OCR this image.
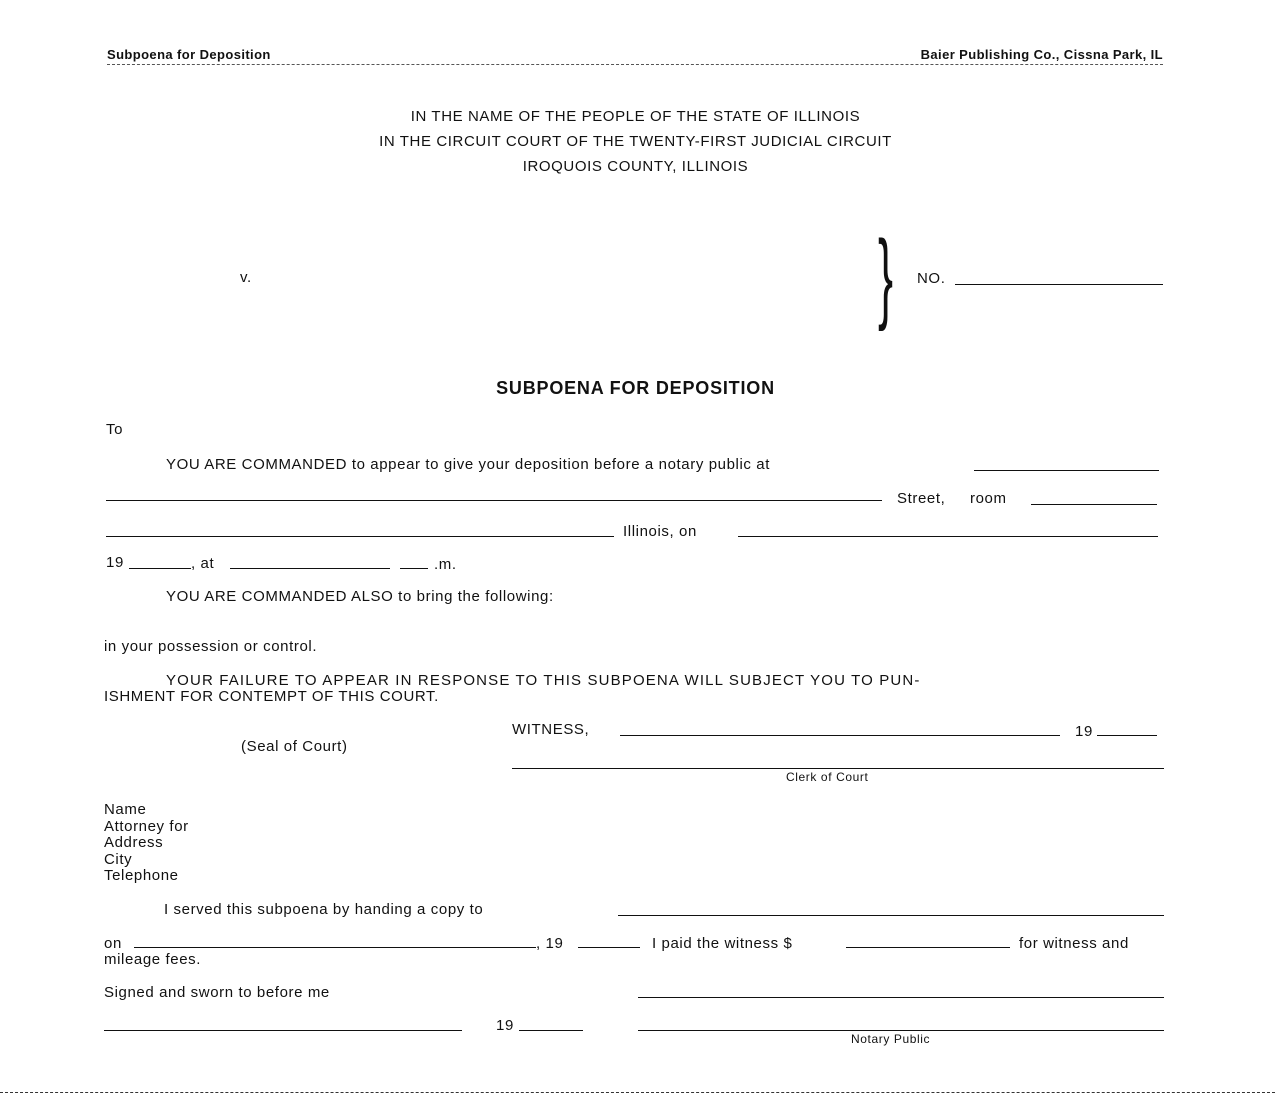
Subpoena for Deposition	Baier Publishing Co., Cissna Park, IL
IN THE NAME OF THE PEOPLE OF THE STATE OF ILLINOIS
IN THE CIRCUIT COURT OF THE TWENTY-FIRST JUDICIAL CIRCUIT
IROQUOIS COUNTY, ILLINOIS
v.	} NO.
SUBPOENA FOR DEPOSITION
To
YOU ARE COMMANDED to appear to give your deposition before a notary public at
Street, room
Illinois, on
19	, at	.m.
YOU ARE COMMANDED ALSO to bring the following:
in your possession or control.
YOUR FAILURE TO APPEAR IN RESPONSE TO THIS SUBPOENA WILL SUBJECT YOU TO PUN-
ISHMENT FOR CONTEMPT OF THIS COURT.
WITNESS,	19
(Seal of Court)
Clerk of Court
Name
Attorney for
Address
City
Telephone
I served this subpoena by handing a copy to
on	, 19	I paid the witness $	for witness and
mileage fees.
Signed and sworn to before me
19
Notary Public
